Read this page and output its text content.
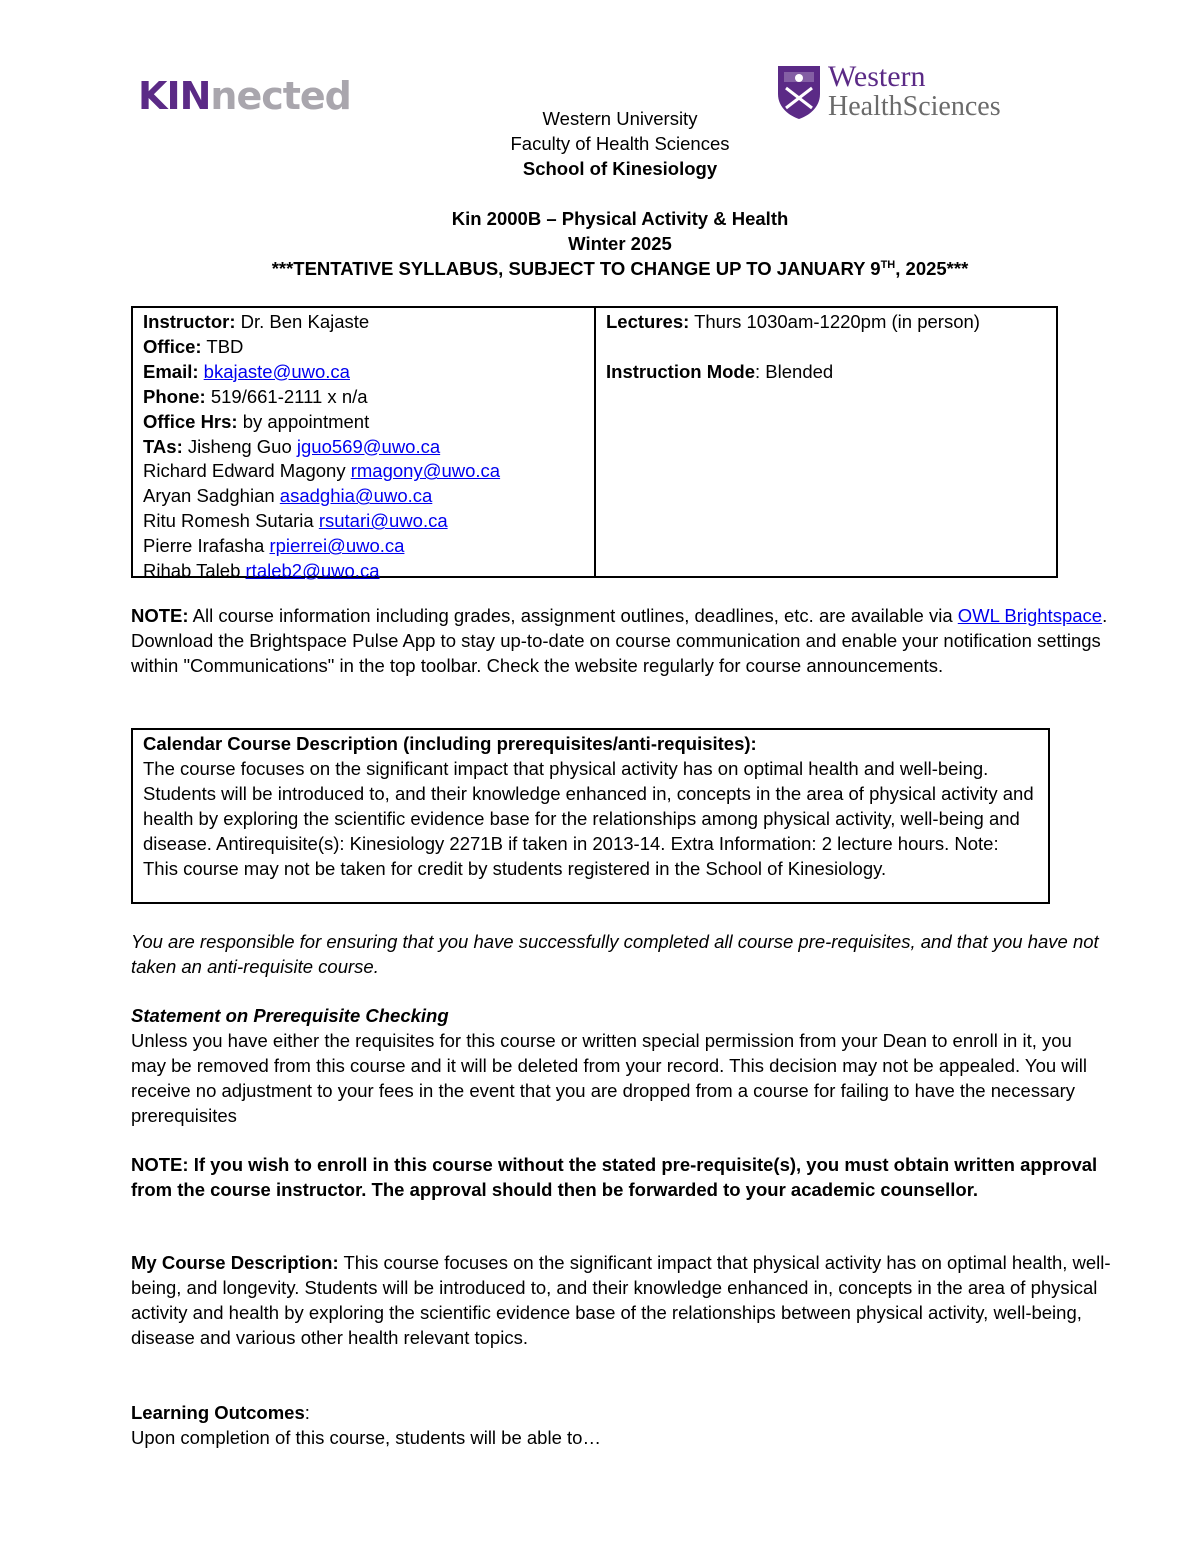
KINnected	Western
HealthSciences
Western University
Faculty of Health Sciences
School of Kinesiology
Kin 2000B – Physical Activity & Health
Winter 2025
***TENTATIVE SYLLABUS, SUBJECT TO CHANGE UP TO JANUARY 9TH, 2025***
Instructor: Dr. Ben Kajaste
Office: TBD
Email: bkajaste@uwo.ca
Phone: 519/661-2111 x n/a
Office Hrs: by appointment
TAs: Jisheng Guo jguo569@uwo.ca
Richard Edward Magony rmagony@uwo.ca
Aryan Sadghian asadghia@uwo.ca
Ritu Romesh Sutaria rsutari@uwo.ca
Pierre Irafasha rpierrei@uwo.ca
Rihab Taleb rtaleb2@uwo.ca
Lectures: Thurs 1030am-1220pm (in person)

Instruction Mode: Blended
NOTE: All course information including grades, assignment outlines, deadlines, etc. are available via OWL Brightspace. Download the Brightspace Pulse App to stay up-to-date on course communication and enable your notification settings within "Communications" in the top toolbar. Check the website regularly for course announcements.
Calendar Course Description (including prerequisites/anti-requisites):
The course focuses on the significant impact that physical activity has on optimal health and well-being. Students will be introduced to, and their knowledge enhanced in, concepts in the area of physical activity and health by exploring the scientific evidence base for the relationships among physical activity, well-being and disease. Antirequisite(s): Kinesiology 2271B if taken in 2013-14. Extra Information: 2 lecture hours. Note: This course may not be taken for credit by students registered in the School of Kinesiology.
You are responsible for ensuring that you have successfully completed all course pre-requisites, and that you have not taken an anti-requisite course.
Statement on Prerequisite Checking
Unless you have either the requisites for this course or written special permission from your Dean to enroll in it, you may be removed from this course and it will be deleted from your record. This decision may not be appealed. You will receive no adjustment to your fees in the event that you are dropped from a course for failing to have the necessary prerequisites
NOTE: If you wish to enroll in this course without the stated pre-requisite(s), you must obtain written approval from the course instructor. The approval should then be forwarded to your academic counsellor.
My Course Description: This course focuses on the significant impact that physical activity has on optimal health, well-being, and longevity. Students will be introduced to, and their knowledge enhanced in, concepts in the area of physical activity and health by exploring the scientific evidence base of the relationships between physical activity, well-being, disease and various other health relevant topics.
Learning Outcomes:
Upon completion of this course, students will be able to…
